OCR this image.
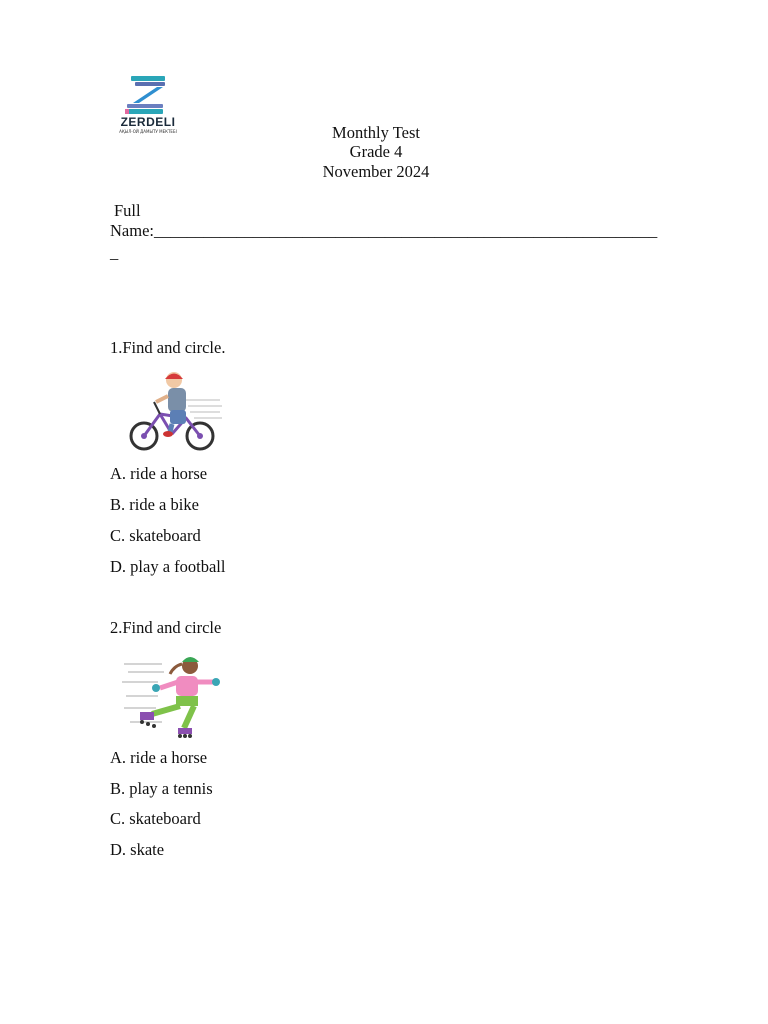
ZERDELI
АҚЫЛ-ОЙ ДАМЫТУ МЕКТЕБІ	Monthly Test
Grade 4
November 2024
Full
Name:_____________________________________________________________
_
1.Find and circle.
A. ride a horse
B. ride a bike
C. skateboard
D. play a football
2.Find and circle
A. ride a horse
B. play a tennis
C. skateboard
D. skate
